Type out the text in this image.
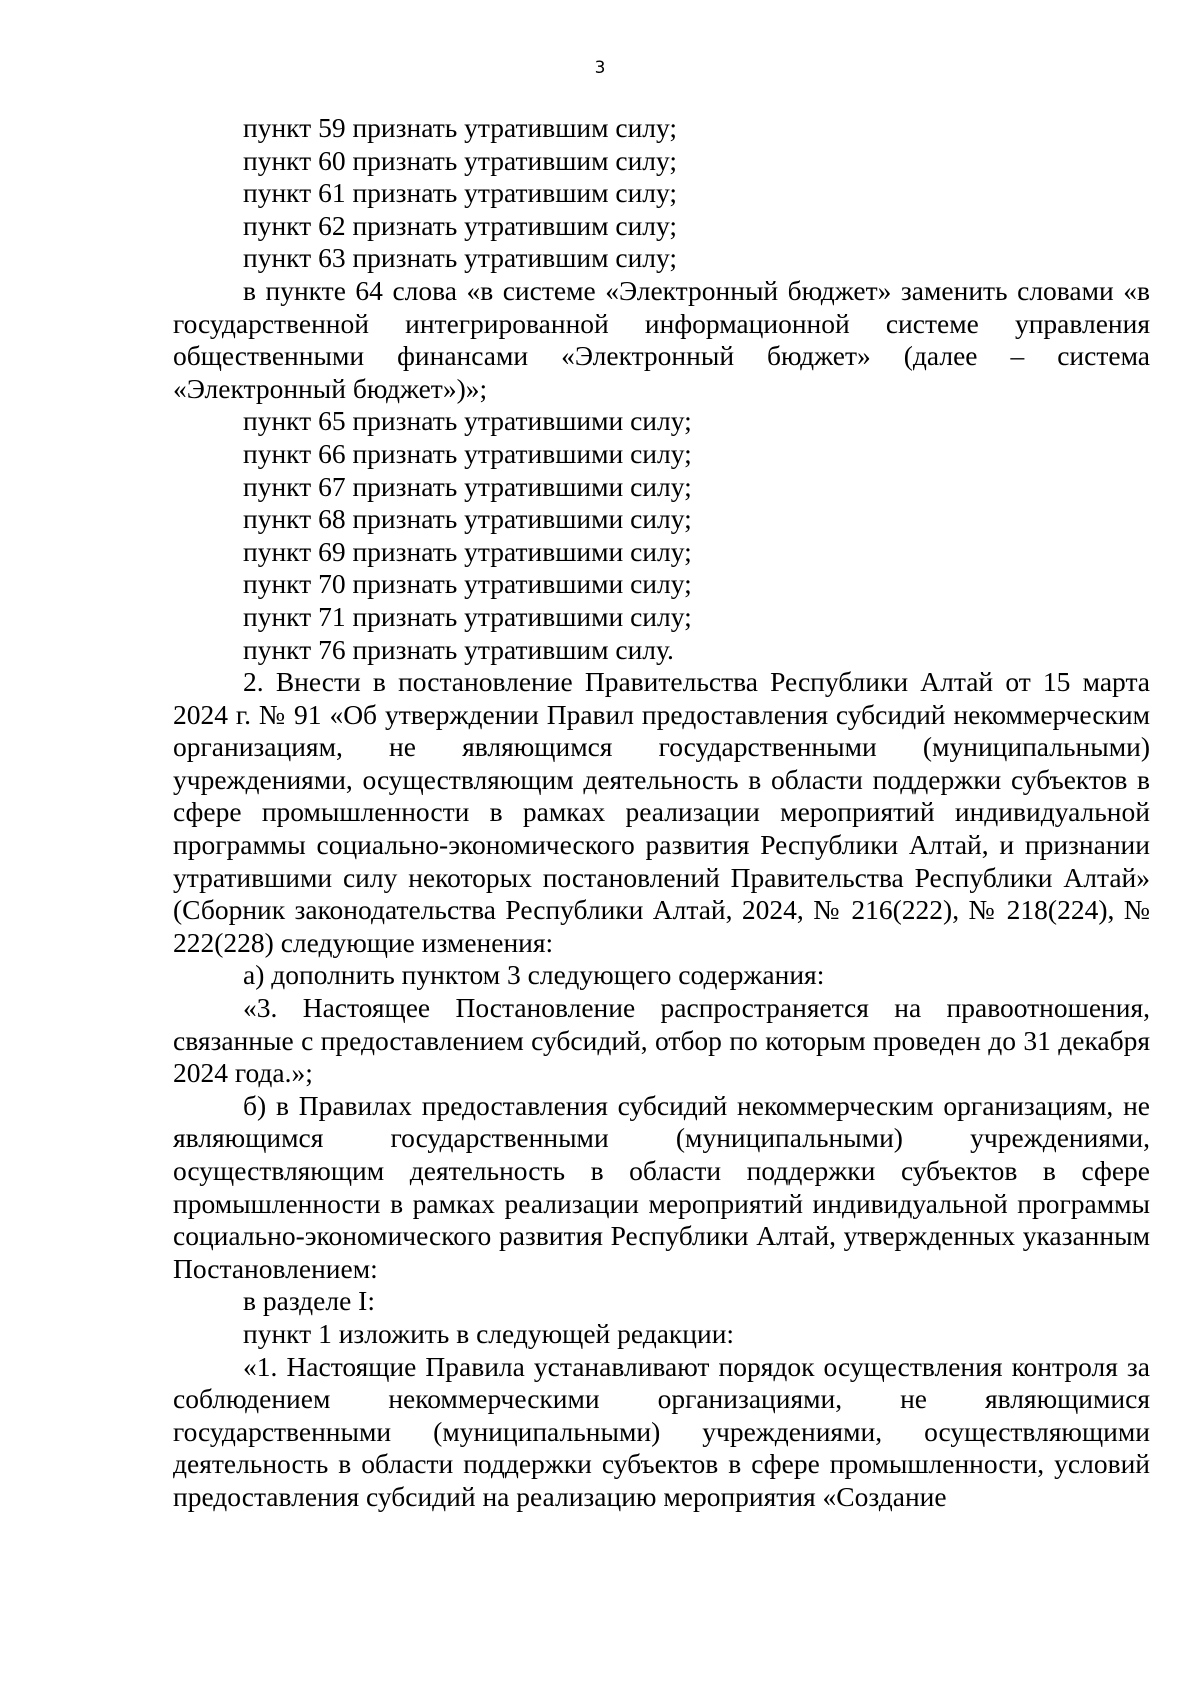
3

пункт 59 признать утратившим силу;

пункт 60 признать утратившим силу;

пункт 61 признать утратившим силу;

пункт 62 признать утратившим силу;

пункт 63 признать утратившим силу;

в пункте 64 слова «в системе «Электронный бюджет» заменить словами «в государственной интегрированной информационной системе управления общественными финансами «Электронный бюджет» (далее – система «Электронный бюджет»)»;

пункт 65 признать утратившими силу;

пункт 66 признать утратившими силу;

пункт 67 признать утратившими силу;

пункт 68 признать утратившими силу;

пункт 69 признать утратившими силу;

пункт 70 признать утратившими силу;

пункт 71 признать утратившими силу;

пункт 76 признать утратившим силу.

2. Внести в постановление Правительства Республики Алтай от 15 марта 2024 г. № 91 «Об утверждении Правил предоставления субсидий некоммерческим организациям, не являющимся государственными (муниципальными) учреждениями, осуществляющим деятельность в области поддержки субъектов в сфере промышленности в рамках реализации мероприятий индивидуальной программы социально-экономического развития Республики Алтай, и признании утратившими силу некоторых постановлений Правительства Республики Алтай» (Сборник законодательства Республики Алтай, 2024, № 216(222), № 218(224), № 222(228) следующие изменения:

а) дополнить пунктом 3 следующего содержания:

«3. Настоящее Постановление распространяется на правоотношения, связанные с предоставлением субсидий, отбор по которым проведен до 31 декабря 2024 года.»;

б) в Правилах предоставления субсидий некоммерческим организациям, не являющимся государственными (муниципальными) учреждениями, осуществляющим деятельность в области поддержки субъектов в сфере промышленности в рамках реализации мероприятий индивидуальной программы социально-экономического развития Республики Алтай, утвержденных указанным Постановлением:

в разделе I:

пункт 1 изложить в следующей редакции:

«1. Настоящие Правила устанавливают порядок осуществления контроля за соблюдением некоммерческими организациями, не являющимися государственными (муниципальными) учреждениями, осуществляющими деятельность в области поддержки субъектов в сфере промышленности, условий предоставления субсидий на реализацию мероприятия «Создание
